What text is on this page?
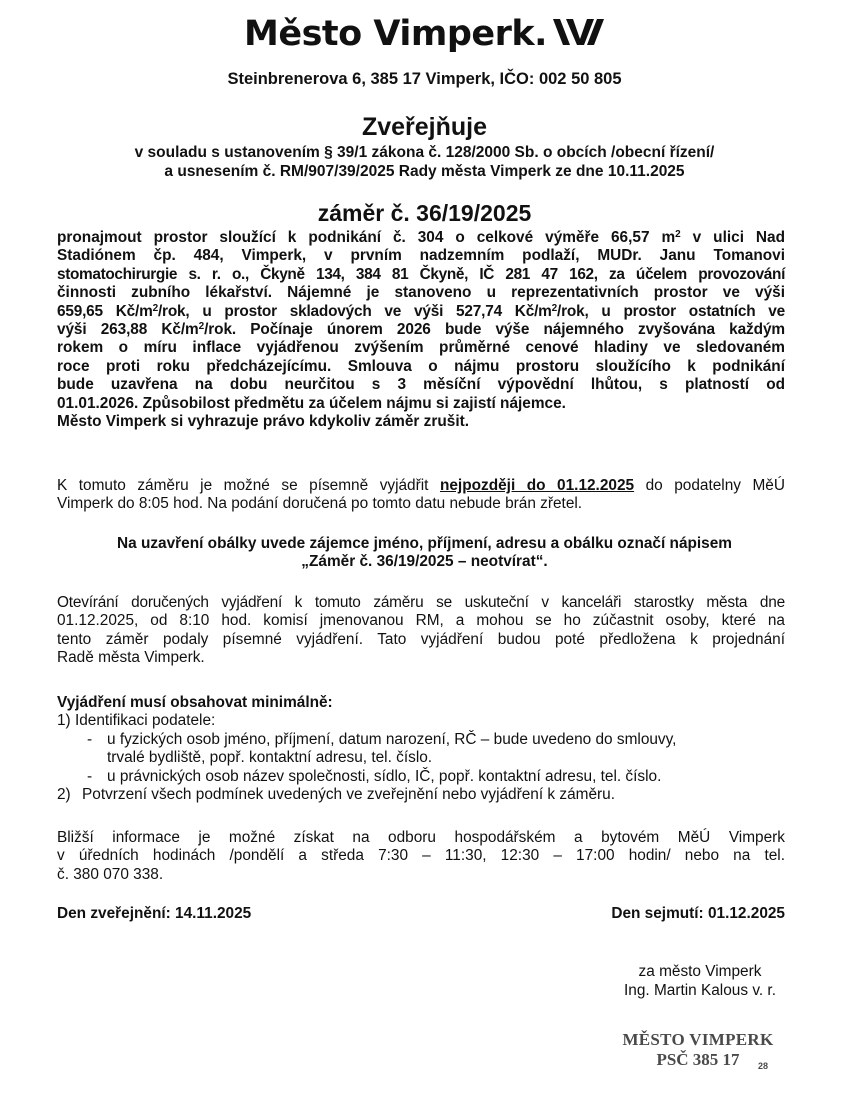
Město Vimperk.
Steinbrenerova 6, 385 17 Vimperk, IČO: 002 50 805
Zveřejňuje
v souladu s ustanovením § 39/1 zákona č. 128/2000 Sb. o obcích /obecní řízení/
a usnesením č. RM/907/39/2025 Rady města Vimperk ze dne 10.11.2025
záměr č. 36/19/2025
pronajmout prostor sloužící k podnikání č. 304 o celkové výměře 66,57 $m^2$ v ulici Nad
Stadiónem čp. 484, Vimperk, v prvním nadzemním podlaží, MUDr. Janu Tomanovi
stomatochirurgie s. r. o., Čkyně 134, 384 81 Čkyně, IČ 281 47 162, za účelem provozování
činnosti zubního lékařství. Nájemné je stanoveno u reprezentativních prostor ve výši
659,65 $Kč/m^2$/rok, u prostor skladových ve výši 527,74 $Kč/m^2$/rok, u prostor ostatních ve
výši 263,88 $Kč/m^2$/rok. Počínaje únorem 2026 bude výše nájemného zvyšována každým
rokem o míru inflace vyjádřenou zvýšením průměrné cenové hladiny ve sledovaném
roce proti roku předcházejícímu. Smlouva o nájmu prostoru sloužícího k podnikání
bude uzavřena na dobu neurčitou s 3 měsíční výpovědní lhůtou, s platností od
01.01.2026. Způsobilost předmětu za účelem nájmu si zajistí nájemce.
Město Vimperk si vyhrazuje právo kdykoliv záměr zrušit.
K tomuto záměru je možné se písemně vyjádřit nejpozději do 01.12.2025 do podatelny MěÚ
Vimperk do 8:05 hod. Na podání doručená po tomto datu nebude brán zřetel.
Na uzavření obálky uvede zájemce jméno, příjmení, adresu a obálku označí nápisem
„Záměr č. 36/19/2025 – neotvírat“.
Otevírání doručených vyjádření k tomuto záměru se uskuteční v kanceláři starostky města dne
01.12.2025, od 8:10 hod. komisí jmenovanou RM, a mohou se ho zúčastnit osoby, které na
tento záměr podaly písemné vyjádření. Tato vyjádření budou poté předložena k projednání
Radě města Vimperk.
Vyjádření musí obsahovat minimálně:
1) Identifikaci podatele:
- u fyzických osob jméno, příjmení, datum narození, RČ – bude uvedeno do smlouvy,
trvalé bydliště, popř. kontaktní adresu, tel. číslo.
- u právnických osob název společnosti, sídlo, IČ, popř. kontaktní adresu, tel. číslo.
2) Potvrzení všech podmínek uvedených ve zveřejnění nebo vyjádření k záměru.
Bližší informace je možné získat na odboru hospodářském a bytovém MěÚ Vimperk
v úředních hodinách /pondělí a středa 7:30 – 11:30, 12:30 – 17:00 hodin/ nebo na tel.
č. 380 070 338.
Den zveřejnění: 14.11.2025	Den sejmutí: 01.12.2025
za město Vimperk
Ing. Martin Kalous v. r.
MĚSTO VIMPERK
PSČ 385 17 28
